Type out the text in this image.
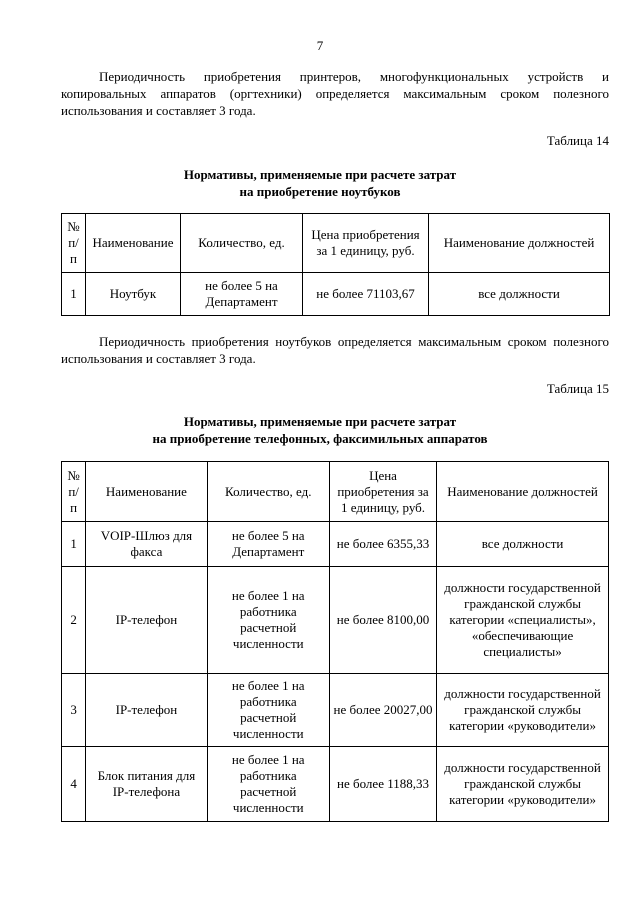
7
Периодичность приобретения принтеров, многофункциональных устройств и копировальных аппаратов (оргтехники) определяется максимальным сроком полезного использования и составляет 3 года.
Таблица 14
Нормативы, применяемые при расчете затрат
на приобретение ноутбуков
№ п/п	Наименование	Количество, ед.	Цена приобретения за 1 единицу, руб.	Наименование должностей
1	Ноутбук	не более 5 на Департамент	не более 71103,67	все должности
Периодичность приобретения ноутбуков определяется максимальным сроком полезного использования и составляет 3 года.
Таблица 15
Нормативы, применяемые при расчете затрат
на приобретение телефонных, факсимильных аппаратов
№ п/п	Наименование	Количество, ед.	Цена приобретения за 1 единицу, руб.	Наименование должностей
1	VOIP-Шлюз для факса	не более 5 на Департамент	не более 6355,33	все должности
2	IP-телефон	не более 1 на работника расчетной численности	не более 8100,00	должности государственной гражданской службы категории «специалисты», «обеспечивающие специалисты»
3	IP-телефон	не более 1 на работника расчетной численности	не более 20027,00	должности государственной гражданской службы категории «руководители»
4	Блок питания для IP-телефона	не более 1 на работника расчетной численности	не более 1188,33	должности государственной гражданской службы категории «руководители»
